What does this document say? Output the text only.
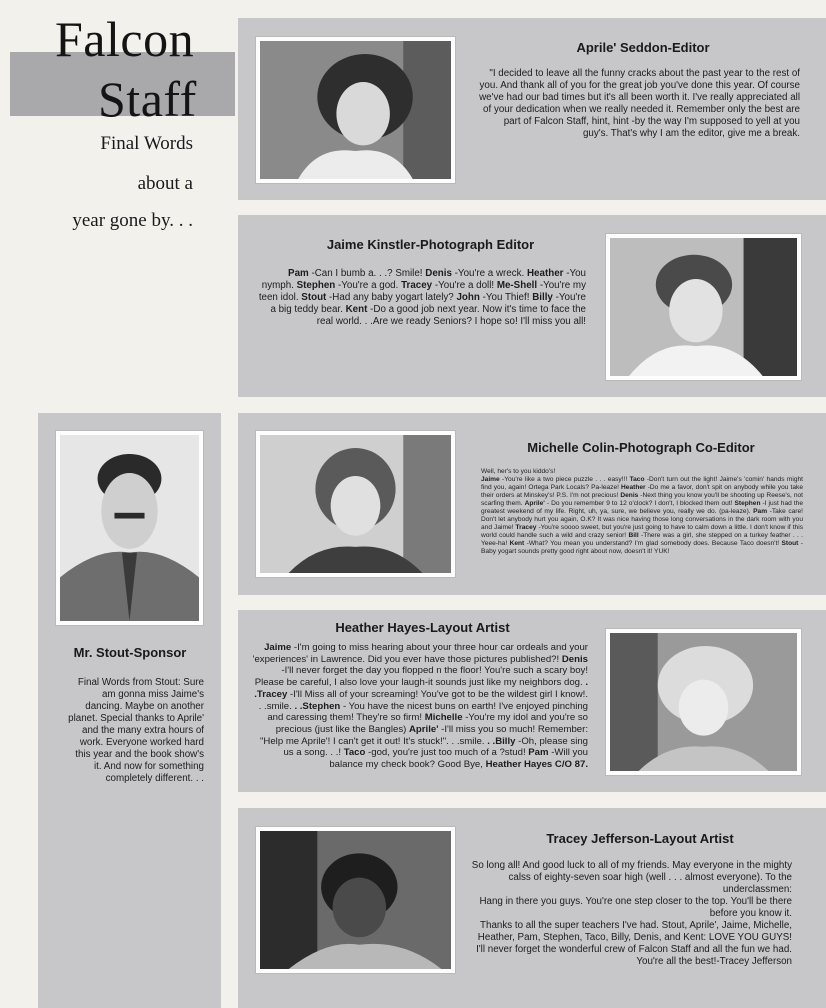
Falcon
Staff
Final Words
about a
year gone by. . .
Aprile' Seddon-Editor
"I decided to leave all the funny cracks about the past year to the rest of you. And thank all of you for the great job you've done this year. Of course we've had our bad times but it's all been worth it. I've really appreciated all of your dedication when we really needed it. Remember only the best are part of Falcon Staff, hint, hint -by the way I'm supposed to yell at you guy's. That's why I am the editor, give me a break.
Jaime Kinstler-Photograph Editor
Pam -Can I bumb a. . .? Smile! Denis -You're a wreck. Heather -You nymph. Stephen -You're a god. Tracey -You're a doll! Me-Shell -You're my teen idol. Stout -Had any baby yogart lately? John -You Thief! Billy -You're a big teddy bear. Kent -Do a good job next year. Now it's time to face the real world. . .Are we ready Seniors? I hope so! I'll miss you all!
Mr. Stout-Sponsor
Final Words from Stout: Sure am gonna miss Jaime's dancing. Maybe on another planet. Special thanks to Aprile' and the many extra hours of work. Everyone worked hard this year and the book show's it. And now for something completely different. . .
Michelle Colin-Photograph Co-Editor

Well, her's to you kiddo's!

Jaime -You're like a two piece puzzle . . . easy!!! Taco -Don't turn out the light! Jaime's 'comin' hands might find you, again! Ortega Park Locals? Pa-leaze! Heather -Do me a favor, don't spit on anybody while you take their orders at Minskey's! P.S. I'm not precious! Denis -Next thing you know you'll be shooting up Reese's, not scarfing them. Aprile' - Do you remember 9 to 12 o'clock? I don't, I blocked them out! Stephen -I just had the greatest weekend of my life. Right, uh, ya, sure, we believe you, really we do. (pa-leaze). Pam -Take care! Don't let anybody hurt you again, O.K? It was nice having those long conversations in the dark room with you and Jaime! Tracey -You're soooo sweet, but you're just going to have to calm down a little. I don't know if this world could handle such a wild and crazy senior! Bill -There was a girl, she stepped on a turkey feather . . . Yeee-ha! Kent -What? You mean you understand? I'm glad somebody does. Because Taco doesn't! Stout -Baby yogart sounds pretty good right about now, doesn't it! YUK!

Heather Hayes-Layout Artist
Jaime -I'm going to miss hearing about your three hour car ordeals and your 'experiences' in Lawrence. Did you ever have those pictures published?! Denis -I'll never forget the day you flopped n the floor! You're such a scary boy! Please be careful, I also love your laugh-it sounds just like my neighbors dog. . .Tracey -I'll Miss all of your screaming! You've got to be the wildest girl I know!. . .smile. . .Stephen - You have the nicest buns on earth! I've enjoyed pinching and caressing them! They're so firm! Michelle -You're my idol and you're so precious (just like the Bangles) Aprile' -I'll miss you so much! Remember: "Help me Aprile'! I can't get it out! It's stuck!". . .smile. . .Billy -Oh, please sing us a song. . .! Taco -god, you're just too much of a ?stud! Pam -Will you balance my check book? Good Bye, Heather Hayes C/O 87.
Tracey Jefferson-Layout Artist

So long all! And good luck to all of my friends. May everyone in the mighty calss of eighty-seven soar high (well . . . almost everyone). To the underclassmen:

Hang in there you guys. You're one step closer to the top. You'll be there before you know it.

Thanks to all the super teachers I've had. Stout, Aprile', Jaime, Michelle, Heather, Pam, Stephen, Taco, Billy, Denis, and Kent: LOVE YOU GUYS! I'll never forget the wonderful crew of Falcon Staff and all the fun we had. You're all the best!-Tracey Jefferson
